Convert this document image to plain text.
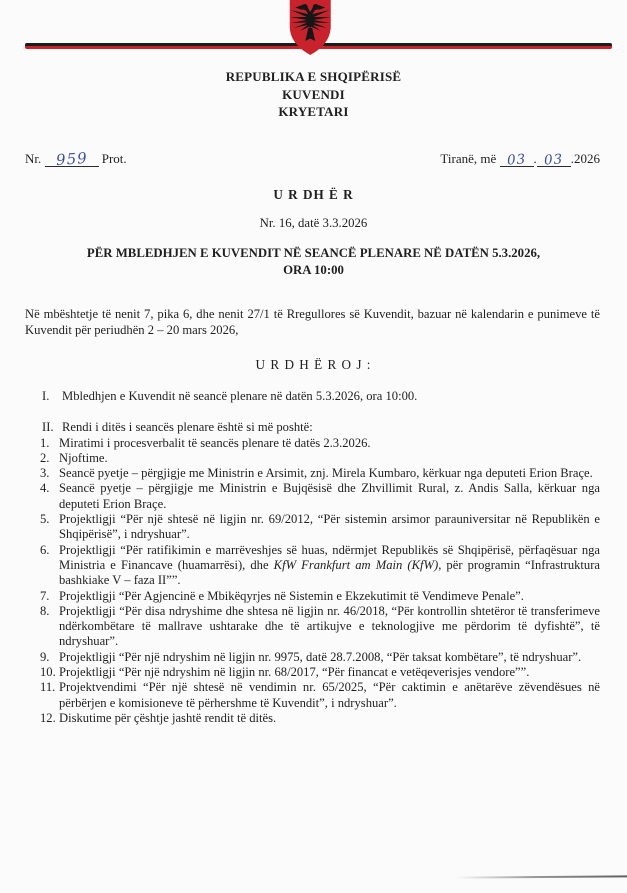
REPUBLIKA E SHQIPËRISË
KUVENDI
KRYETARI
Nr. 959 Prot.	Tiranë, më 03 . 03 .2026
U R DH Ë R
Nr. 16, datë 3.3.2026
PËR MBLEDHJEN E KUVENDIT NË SEANCË PLENARE NË DATËN 5.3.2026,
ORA 10:00
Në mbështetje të nenit 7, pika 6, dhe nenit 27/1 të Rregullores së Kuvendit, bazuar në kalendarin e punimeve të Kuvendit për periudhën 2 – 20 mars 2026,
U R D H Ë R O J :
I. Mbledhjen e Kuvendit në seancë plenare në datën 5.3.2026, ora 10:00.
II. Rendi i ditës i seancës plenare është si më poshtë:
1. Miratimi i procesverbalit të seancës plenare të datës 2.3.2026.
2. Njoftime.
3. Seancë pyetje – përgjigje me Ministrin e Arsimit, znj. Mirela Kumbaro, kërkuar nga deputeti Erion Braçe.
4. Seancë pyetje – përgjigje me Ministrin e Bujqësisë dhe Zhvillimit Rural, z. Andis Salla, kërkuar nga deputeti Erion Braçe.
5. Projektligji “Për një shtesë në ligjin nr. 69/2012, “Për sistemin arsimor parauniversitar në Republikën e Shqipërisë”, i ndryshuar”.
6. Projektligji “Për ratifikimin e marrëveshjes së huas, ndërmjet Republikës së Shqipërisë, përfaqësuar nga Ministria e Financave (huamarrësi), dhe KfW Frankfurt am Main (KfW), për programin “Infrastruktura bashkiake V – faza II””.
7. Projektligji “Për Agjencinë e Mbikëqyrjes në Sistemin e Ekzekutimit të Vendimeve Penale”.
8. Projektligji “Për disa ndryshime dhe shtesa në ligjin nr. 46/2018, “Për kontrollin shtetëror të transferimeve ndërkombëtare të mallrave ushtarake dhe të artikujve e teknologjive me përdorim të dyfishtë”, të ndryshuar”.
9. Projektligji “Për një ndryshim në ligjin nr. 9975, datë 28.7.2008, “Për taksat kombëtare”, të ndryshuar”.
10. Projektligji “Për një ndryshim në ligjin nr. 68/2017, “Për financat e vetëqeverisjes vendore””.
11. Projektvendimi “Për një shtesë në vendimin nr. 65/2025, “Për caktimin e anëtarëve zëvendësues në përbërjen e komisioneve të përhershme të Kuvendit”, i ndryshuar”.
12. Diskutime për çështje jashtë rendit të ditës.
